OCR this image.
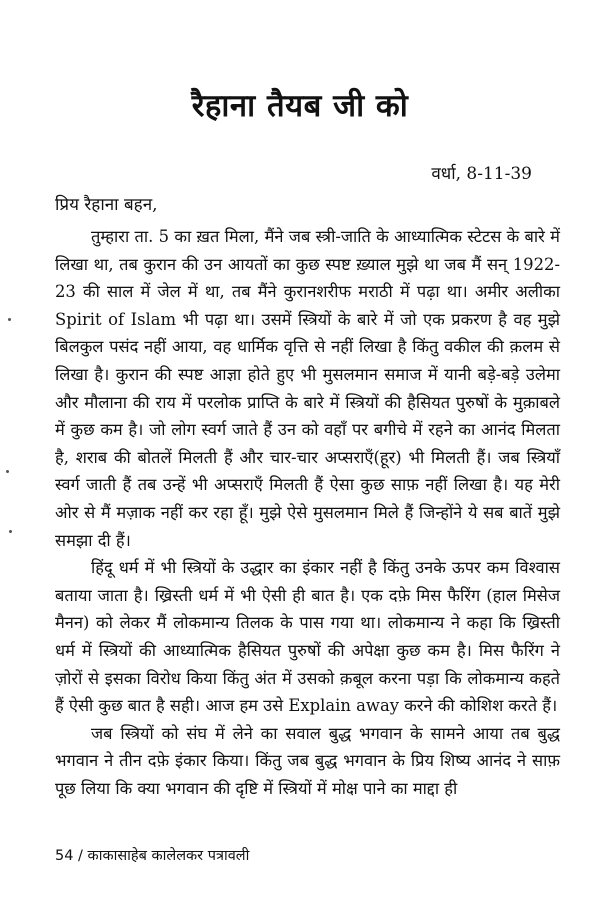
रैहाना तैयब जी को
वर्धा, 8-11-39
प्रिय रैहाना बहन,

तुम्हारा ता. 5 का ख़त मिला, मैंने जब स्त्री-जाति के आध्यात्मिक स्टेटस के बारे में लिखा था, तब कुरान की उन आयतों का कुछ स्पष्ट ख़्याल मुझे था जब मैं सन् 1922-23 की साल में जेल में था, तब मैंने कुरानशरीफ मराठी में पढ़ा था। अमीर अलीका Spirit of Islam भी पढ़ा था। उसमें स्त्रियों के बारे में जो एक प्रकरण है वह मुझे बिलकुल पसंद नहीं आया, वह धार्मिक वृत्ति से नहीं लिखा है किंतु वकील की क़लम से लिखा है। कुरान की स्पष्ट आज्ञा होते हुए भी मुसलमान समाज में यानी बड़े-बड़े उलेमा और मौलाना की राय में परलोक प्राप्ति के बारे में स्त्रियों की हैसियत पुरुषों के मुक़ाबले में कुछ कम है। जो लोग स्वर्ग जाते हैं उन को वहाँ पर बगीचे में रहने का आनंद मिलता है, शराब की बोतलें मिलती हैं और चार-चार अप्सराएँ(हूर) भी मिलती हैं। जब स्त्रियाँ स्वर्ग जाती हैं तब उन्हें भी अप्सराएँ मिलती हैं ऐसा कुछ साफ़ नहीं लिखा है। यह मेरी ओर से मैं मज़ाक नहीं कर रहा हूँ। मुझे ऐसे मुसलमान मिले हैं जिन्होंने ये सब बातें मुझे समझा दी हैं।

हिंदू धर्म में भी स्त्रियों के उद्धार का इंकार नहीं है किंतु उनके ऊपर कम विश्वास बताया जाता है। ख्रिस्ती धर्म में भी ऐसी ही बात है। एक दफ़े मिस फैरिंग (हाल मिसेज मैनन) को लेकर मैं लोकमान्य तिलक के पास गया था। लोकमान्य ने कहा कि ख्रिस्ती धर्म में स्त्रियों की आध्यात्मिक हैसियत पुरुषों की अपेक्षा कुछ कम है। मिस फैरिंग ने ज़ोरों से इसका विरोध किया किंतु अंत में उसको क़बूल करना पड़ा कि लोकमान्य कहते हैं ऐसी कुछ बात है सही। आज हम उसे Explain away करने की कोशिश करते हैं।

जब स्त्रियों को संघ में लेने का सवाल बुद्ध भगवान के सामने आया तब बुद्ध भगवान ने तीन दफ़े इंकार किया। किंतु जब बुद्ध भगवान के प्रिय शिष्य आनंद ने साफ़ पूछ लिया कि क्या भगवान की दृष्टि में स्त्रियों में मोक्ष पाने का माद्दा ही

54 / काकासाहेब कालेलकर पत्रावली
